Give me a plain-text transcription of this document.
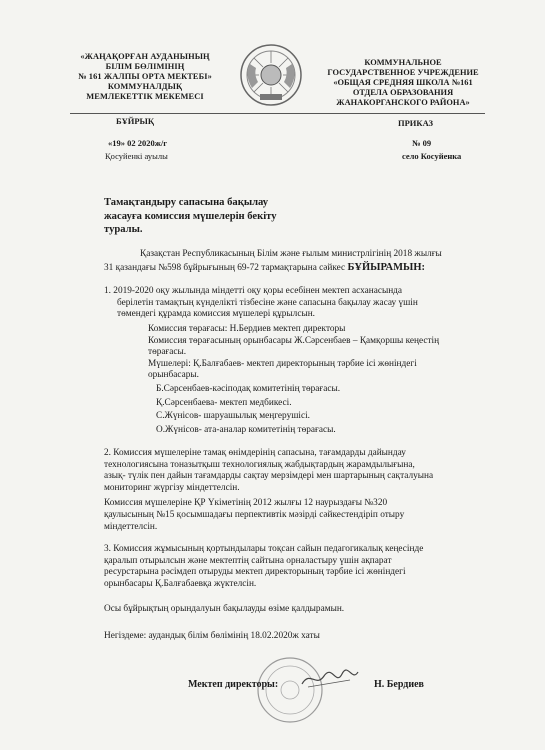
«ЖАҢАҚОРҒАН АУДАНЫНЫҢ
БІЛІМ БӨЛІМІНІҢ
№ 161 ЖАЛПЫ ОРТА МЕКТЕБІ»
КОММУНАЛДЫҚ
МЕМЛЕКЕТТІК МЕКЕМЕСІ
КОММУНАЛЬНОЕ
ГОСУДАРСТВЕННОЕ УЧРЕЖДЕНИЕ
«ОБЩАЯ СРЕДНЯЯ ШКОЛА №161
ОТДЕЛА ОБРАЗОВАНИЯ
ЖАНАКОРГАНСКОГО РАЙОНА»
БҰЙРЫҚ	ПРИКАЗ
«19» 02 2020ж/г
Қосуйенкі ауылы
№ 09
село Косуйенка
Тамақтандыру сапасына бақылау
жасауға комиссия мүшелерін бекіту
туралы.
Қазақстан Республикасының Білім және ғылым министрлігінің 2018 жылғы
31 қазандағы №598 бұйрығының 69-72 тармақтарына сәйкес БҰЙЫРАМЫН:
1. 2019-2020 оқу жылында міндетті оқу қоры есебінен мектеп асханасында
берілетін тамақтың күнделікті тізбесіне және сапасына бақылау жасау үшін
төмендегі құрамда комиссия мүшелері құрылсын.
Комиссия төрағасы: Н.Бердиев мектеп директоры
Комиссия төрағасының орынбасары Ж.Сәрсенбаев – Қамқоршы кеңестің
төрағасы.
Мүшелері: Қ.Балғабаев- мектеп директорының тәрбие ісі жөніндегі
орынбасары.
Б.Сәрсенбаев-кәсіподақ комитетінің төрағасы.
Қ.Сәрсенбаева- мектеп медбикесі.
С.Жүнісов- шаруашылық меңгерушісі.
О.Жүнісов- ата-аналар комитетінің төрағасы.
2. Комиссия мүшелеріне тамақ өнімдерінің сапасына, тағамдарды дайындау
технологиясына тоназытқыш технологиялық жабдықтардың жарамдылығына,
азық- түлік пен дайын тағамдарды сақтау мерзімдері мен шартарының сақталуына
мониторинг жүргізу міндеттелсін.
Комиссия мүшелеріне ҚР Үкіметінің 2012 жылғы 12 наурыздағы №320
қаулысының №15 қосымшадағы перпективтік мәзірді сәйкестендіріп отыру
міндеттелсін.
3. Комиссия жұмысының қортындылары тоқсан сайын педагогикалық кеңесінде
қаралып отырылсын және мектептің сайтына орналастыру үшін ақпарат
ресурстарына рәсімдеп отыруды мектеп директорының тәрбие ісі жөніндегі
орынбасары Қ.Балғабаевқа жүктелсін.
Осы бұйрықтың орындалуын бақылауды өзіме қалдырамын.
Негіздеме: аудандық білім бөлімінің 18.02.2020ж хаты
Мектеп директоры:	Н. Бердиев
